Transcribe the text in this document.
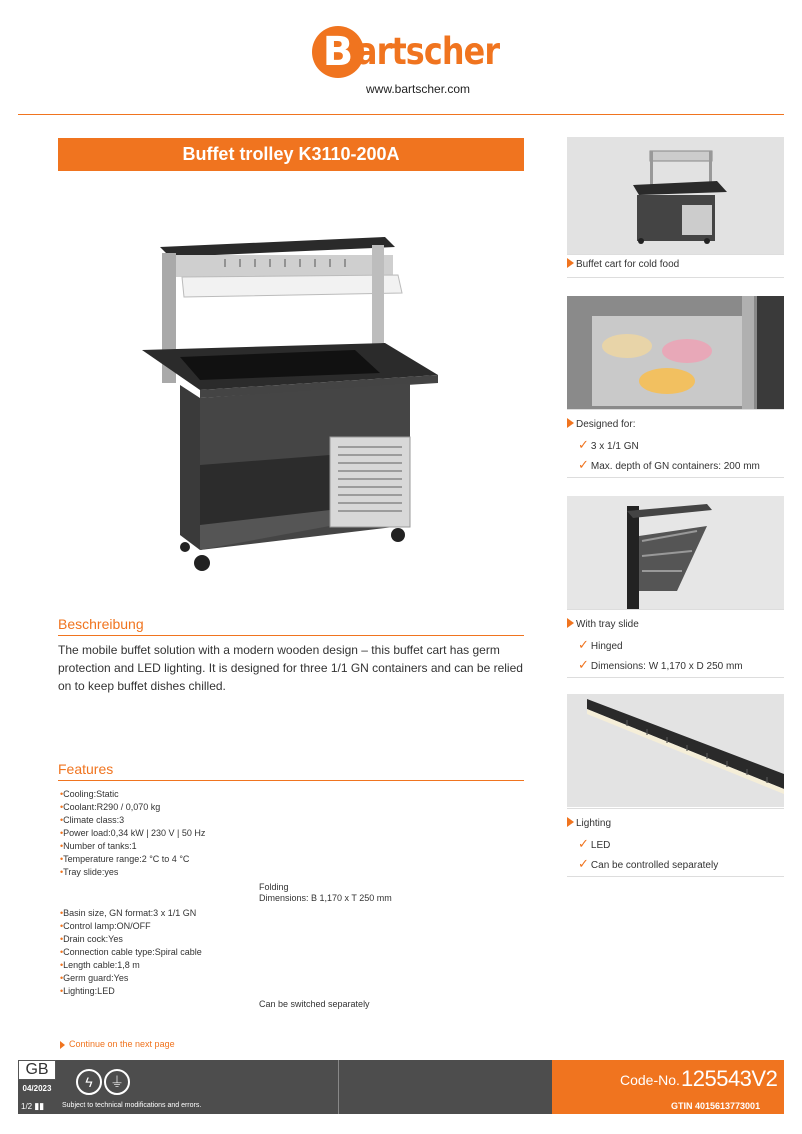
B artscher
www.bartscher.com
Buffet trolley K3110-200A
Beschreibung
The mobile buffet solution with a modern wooden design – this buffet cart has germ protection and LED lighting. It is designed for three 1/1 GN containers and can be relied on to keep buffet dishes chilled.
Features
•Cooling:Static
•Coolant:R290 / 0,070 kg
•Climate class:3
•Power load:0,34 kW | 230 V | 50 Hz
•Number of tanks:1
•Temperature range:2 °C to 4 °C
•Tray slide:yes
Folding
Dimensions: B 1,170 x T 250 mm
•Basin size, GN format:3 x 1/1 GN
•Control lamp:ON/OFF
•Drain cock:Yes
•Connection cable type:Spiral cable
•Length cable:1,8 m
•Germ guard:Yes
•Lighting:LED
Can be switched separately
Continue on the next page
Buffet cart for cold food
Designed for:
✓ 3 x 1/1 GN
✓ Max. depth of GN containers: 200 mm
With tray slide
✓ Hinged
✓ Dimensions: W 1,170 x D 250 mm
Lighting
✓ LED
✓ Can be controlled separately
GB
04/2023
1/2 ▮▮
ϟ	⏚
Subject to technical modifications and errors.
Code-No. 125543V2
GTIN 4015613773001
